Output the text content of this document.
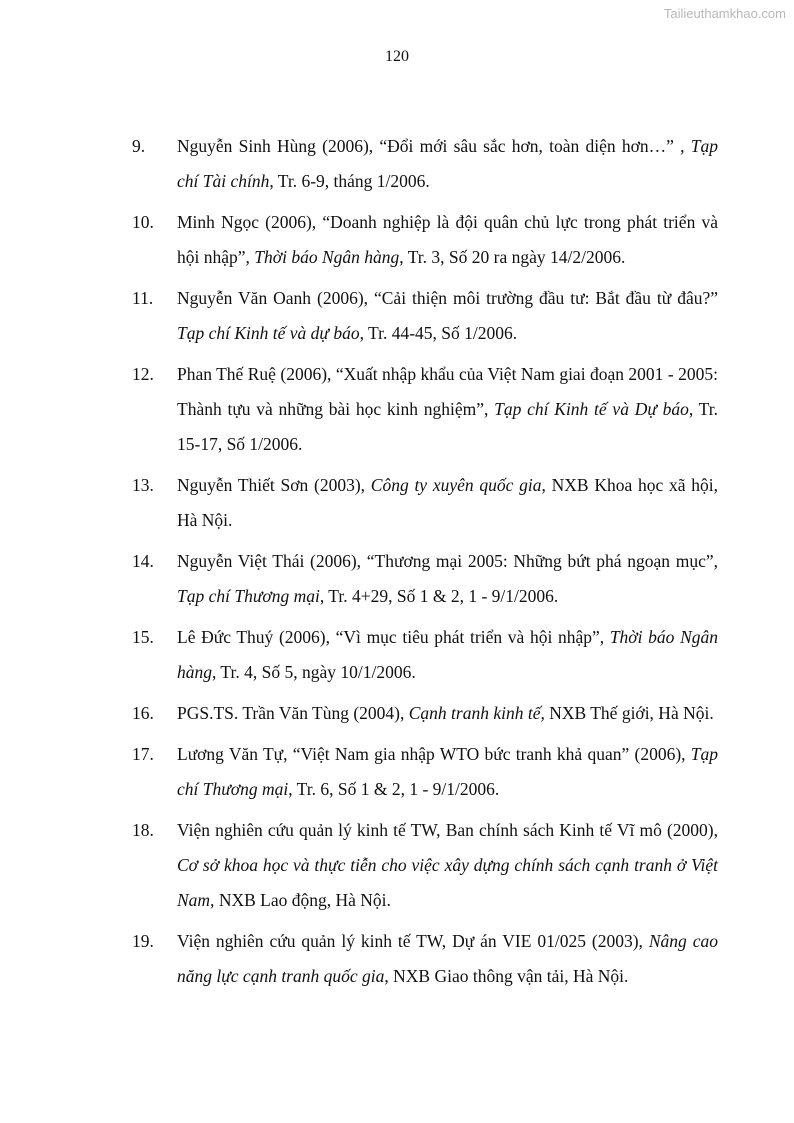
Tailieuthamkhao.com
120
9. Nguyễn Sinh Hùng (2006), “Đổi mới sâu sắc hơn, toàn diện hơn…” , Tạp chí Tài chính, Tr. 6-9, tháng 1/2006.
10. Minh Ngọc (2006), “Doanh nghiệp là đội quân chủ lực trong phát triển và hội nhập”, Thời báo Ngân hàng, Tr. 3, Số 20 ra ngày 14/2/2006.
11. Nguyễn Văn Oanh (2006), “Cải thiện môi trường đầu tư: Bắt đầu từ đâu?” Tạp chí Kinh tế và dự báo, Tr. 44-45, Số 1/2006.
12. Phan Thế Ruệ (2006), “Xuất nhập khẩu của Việt Nam giai đoạn 2001 - 2005: Thành tựu và những bài học kinh nghiệm”, Tạp chí Kinh tế và Dự báo, Tr. 15-17, Số 1/2006.
13. Nguyễn Thiết Sơn (2003), Công ty xuyên quốc gia, NXB Khoa học xã hội, Hà Nội.
14. Nguyễn Việt Thái (2006), “Thương mại 2005: Những bứt phá ngoạn mục”, Tạp chí Thương mại, Tr. 4+29, Số 1 & 2, 1 - 9/1/2006.
15. Lê Đức Thuý (2006), “Vì mục tiêu phát triển và hội nhập”, Thời báo Ngân hàng, Tr. 4, Số 5, ngày 10/1/2006.
16. PGS.TS. Trần Văn Tùng (2004), Cạnh tranh kinh tế, NXB Thế giới, Hà Nội.
17. Lương Văn Tự, “Việt Nam gia nhập WTO bức tranh khả quan” (2006), Tạp chí Thương mại, Tr. 6, Số 1 & 2, 1 - 9/1/2006.
18. Viện nghiên cứu quản lý kinh tế TW, Ban chính sách Kinh tế Vĩ mô (2000), Cơ sở khoa học và thực tiễn cho việc xây dựng chính sách cạnh tranh ở Việt Nam, NXB Lao động, Hà Nội.
19. Viện nghiên cứu quản lý kinh tế TW, Dự án VIE 01/025 (2003), Nâng cao năng lực cạnh tranh quốc gia, NXB Giao thông vận tải, Hà Nội.
